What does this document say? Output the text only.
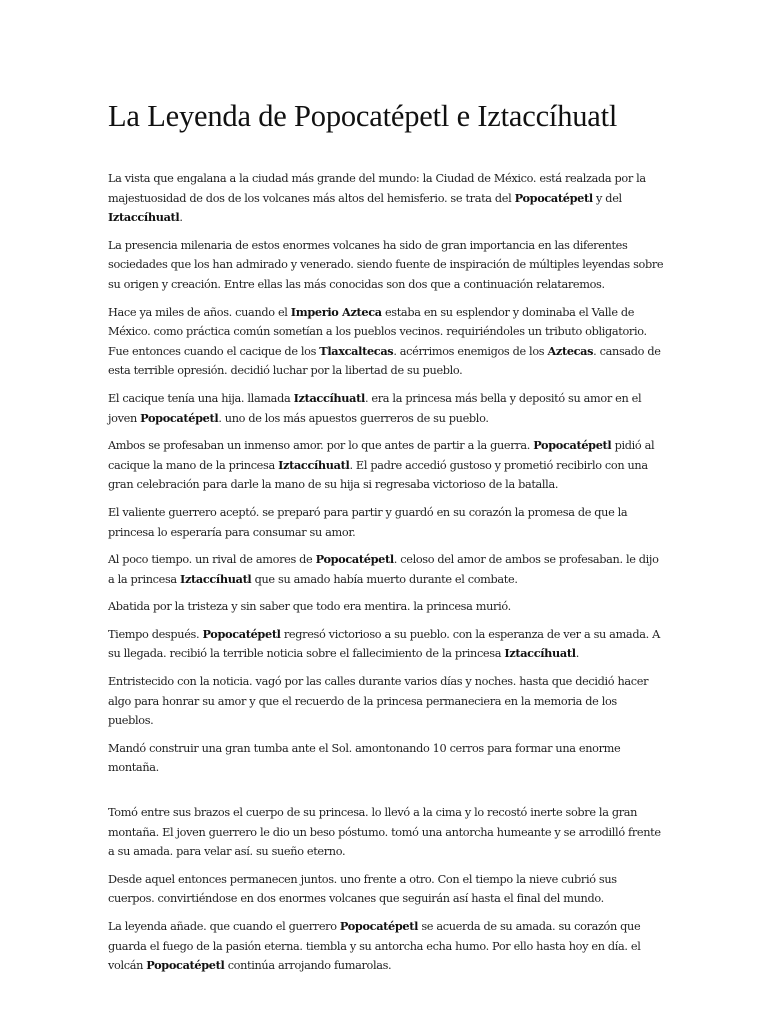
La Leyenda de Popocatépetl e Iztaccíhuatl

La vista que engalana a la ciudad más grande del mundo: la Ciudad de México. está realzada por la majestuosidad de dos de los volcanes más altos del hemisferio. se trata del Popocatépetl y del Iztaccíhuatl.

La presencia milenaria de estos enormes volcanes ha sido de gran importancia en las diferentes sociedades que los han admirado y venerado. siendo fuente de inspiración de múltiples leyendas sobre su origen y creación. Entre ellas las más conocidas son dos que a continuación relataremos.

Hace ya miles de años. cuando el Imperio Azteca estaba en su esplendor y dominaba el Valle de México. como práctica común sometían a los pueblos vecinos. requiriéndoles un tributo obligatorio. Fue entonces cuando el cacique de los Tlaxcaltecas. acérrimos enemigos de los Aztecas. cansado de esta terrible opresión. decidió luchar por la libertad de su pueblo.

El cacique tenía una hija. llamada Iztaccíhuatl. era la princesa más bella y depositó su amor en el joven Popocatépetl. uno de los más apuestos guerreros de su pueblo.

Ambos se profesaban un inmenso amor. por lo que antes de partir a la guerra. Popocatépetl pidió al cacique la mano de la princesa Iztaccíhuatl. El padre accedió gustoso y prometió recibirlo con una gran celebración para darle la mano de su hija si regresaba victorioso de la batalla.

El valiente guerrero aceptó. se preparó para partir y guardó en su corazón la promesa de que la princesa lo esperaría para consumar su amor.

Al poco tiempo. un rival de amores de Popocatépetl. celoso del amor de ambos se profesaban. le dijo a la princesa Iztaccíhuatl que su amado había muerto durante el combate.

Abatida por la tristeza y sin saber que todo era mentira. la princesa murió.

Tiempo después. Popocatépetl regresó victorioso a su pueblo. con la esperanza de ver a su amada. A su llegada. recibió la terrible noticia sobre el fallecimiento de la princesa Iztaccíhuatl.

Entristecido con la noticia. vagó por las calles durante varios días y noches. hasta que decidió hacer algo para honrar su amor y que el recuerdo de la princesa permaneciera en la memoria de los pueblos.

Mandó construir una gran tumba ante el Sol. amontonando 10 cerros para formar una enorme montaña.

Tomó entre sus brazos el cuerpo de su princesa. lo llevó a la cima y lo recostó inerte sobre la gran montaña. El joven guerrero le dio un beso póstumo. tomó una antorcha humeante y se arrodilló frente a su amada. para velar así. su sueño eterno.

Desde aquel entonces permanecen juntos. uno frente a otro. Con el tiempo la nieve cubrió sus cuerpos. convirtiéndose en dos enormes volcanes que seguirán así hasta el final del mundo.

La leyenda añade. que cuando el guerrero Popocatépetl se acuerda de su amada. su corazón que guarda el fuego de la pasión eterna. tiembla y su antorcha echa humo. Por ello hasta hoy en día. el volcán Popocatépetl continúa arrojando fumarolas.
